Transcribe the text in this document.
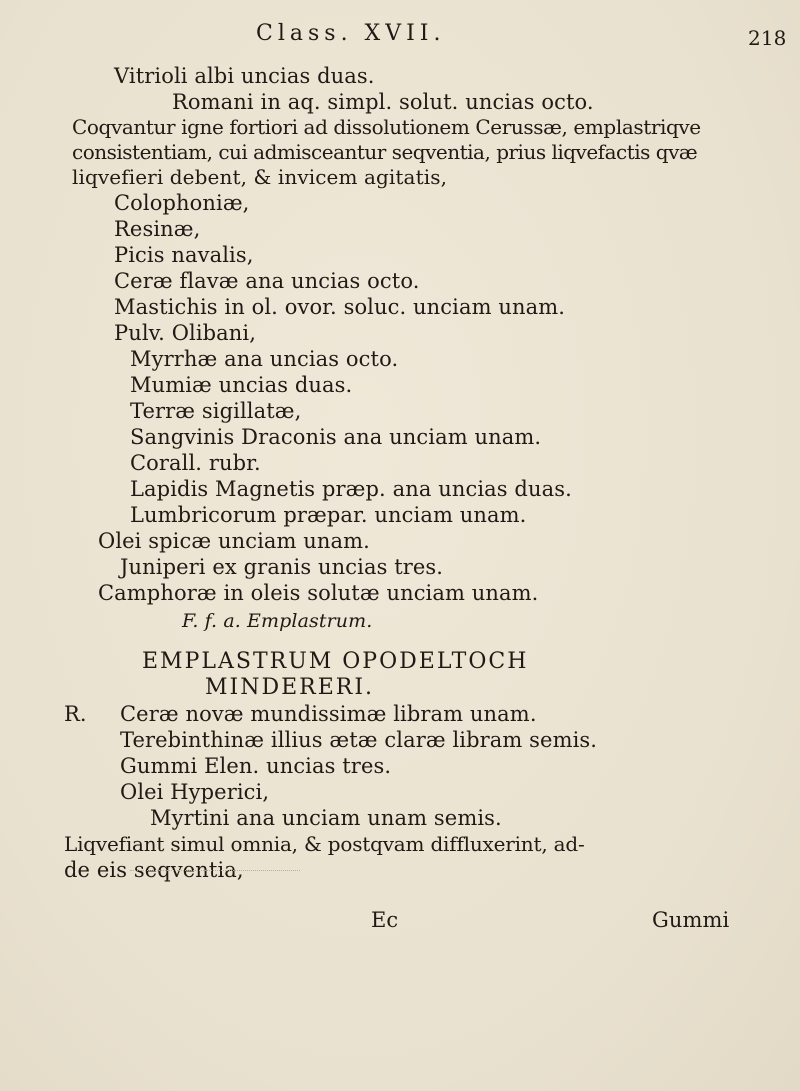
Class. XVII.	218
Vitrioli albi uncias duas.
Romani in aq. simpl. solut. uncias octo.
Coqvantur igne fortiori ad dissolutionem Cerussæ, emplastriqve
consistentiam, cui admisceantur seqventia, prius liqvefactis qvæ
liqvefieri debent, & invicem agitatis,
Colophoniæ,
Resinæ,
Picis navalis,
Ceræ flavæ ana uncias octo.
Mastichis in ol. ovor. soluc. unciam unam.
Pulv. Olibani,
Myrrhæ ana uncias octo.
Mumiæ uncias duas.
Terræ sigillatæ,
Sangvinis Draconis ana unciam unam.
Corall. rubr.
Lapidis Magnetis præp. ana uncias duas.
Lumbricorum præpar. unciam unam.
Olei spicæ unciam unam.
Juniperi ex granis uncias tres.
Camphoræ in oleis solutæ unciam unam.
F. f. a. Emplastrum.
EMPLASTRUM OPODELTOCH
MINDERERI.
R. Ceræ novæ mundissimæ libram unam.
Terebinthinæ illius ætæ claræ libram semis.
Gummi Elen. uncias tres.
Olei Hyperici,
Myrtini ana unciam unam semis.
Liqvefiant simul omnia, & postqvam diffluxerint, ad-
de eis seqventia,
Ec	Gummi
